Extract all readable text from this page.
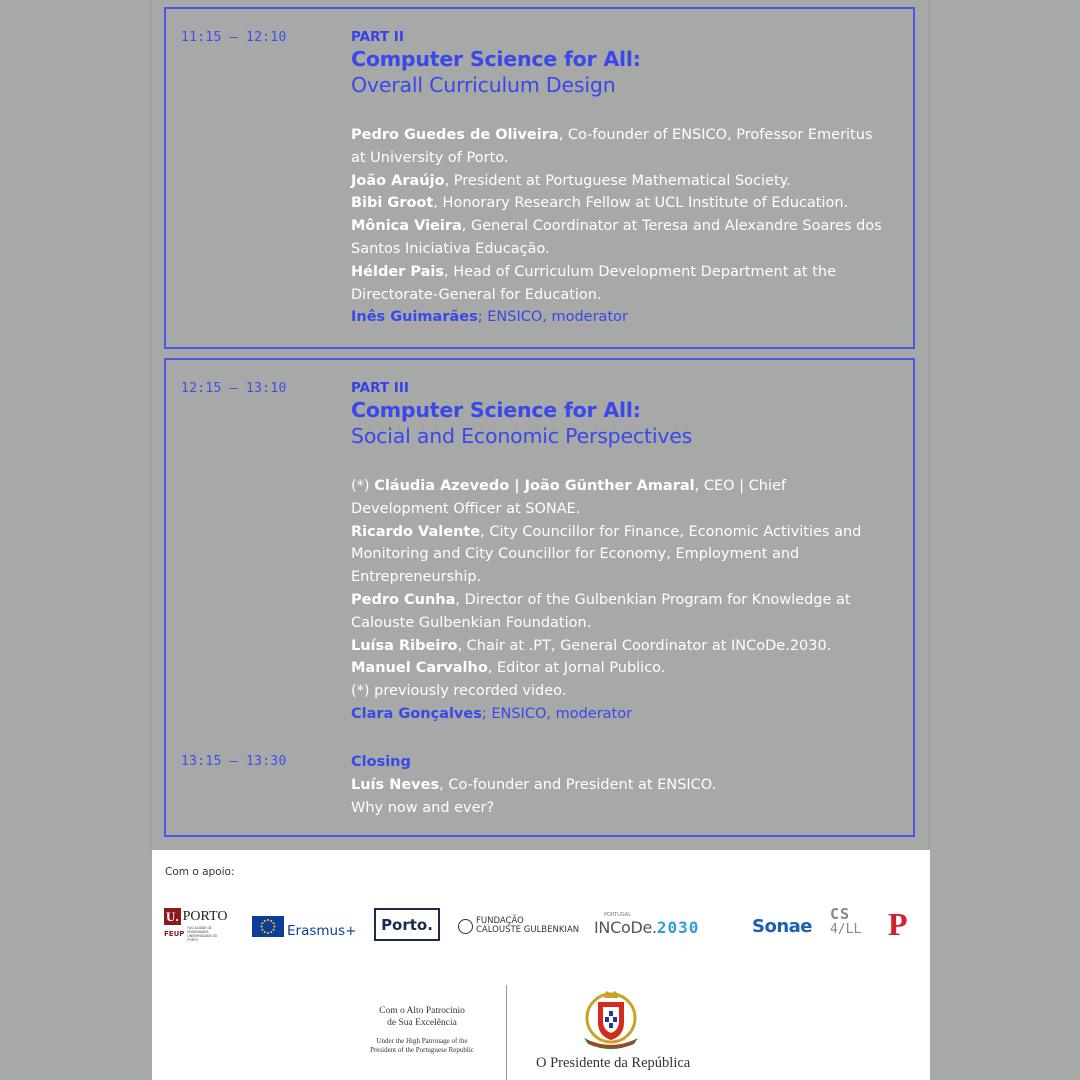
11:15 – 12:10	PART II
Computer Science for All:
Overall Curriculum Design

Pedro Guedes de Oliveira, Co-founder of ENSICO, Professor Emeritus at University of Porto.

João Araújo, President at Portuguese Mathematical Society.

Bibi Groot, Honorary Research Fellow at UCL Institute of Education.

Mônica Vieira, General Coordinator at Teresa and Alexandre Soares dos Santos Iniciativa Educação.

Hélder Pais, Head of Curriculum Development Department at the Directorate-General for Education.

Inês Guimarães; ENSICO, moderator

12:15 – 13:10	PART III
Computer Science for All:
Social and Economic Perspectives

(*) Cláudia Azevedo | João Günther Amaral, CEO | Chief Development Officer at SONAE.

Ricardo Valente, City Councillor for Finance, Economic Activities and Monitoring and City Councillor for Economy, Employment and Entrepreneurship.

Pedro Cunha, Director of the Gulbenkian Program for Knowledge at Calouste Gulbenkian Foundation.

Luísa Ribeiro, Chair at .PT, General Coordinator at INCoDe.2030.

Manuel Carvalho, Editor at Jornal Publico.

(*) previously recorded video.

Clara Gonçalves; ENSICO, moderator

13:15 – 13:30	Closing
Luís Neves, Co-founder and President at ENSICO.
Why now and ever?
Com o apoio:
U. PORTO
FEUP
FACULDADE DE ENGENHARIA UNIVERSIDADE DO PORTO
Erasmus+ Porto.	FUNDAÇÃO
CALOUSTE GULBENKIAN
PORTUGAL
INCoDe. 2030	Sonae
CS
4/LL P
Com o Alto Patrocínio
de Sua Excelência
Under the High Patronage of the
President of the Portuguese Republic
O Presidente da República
